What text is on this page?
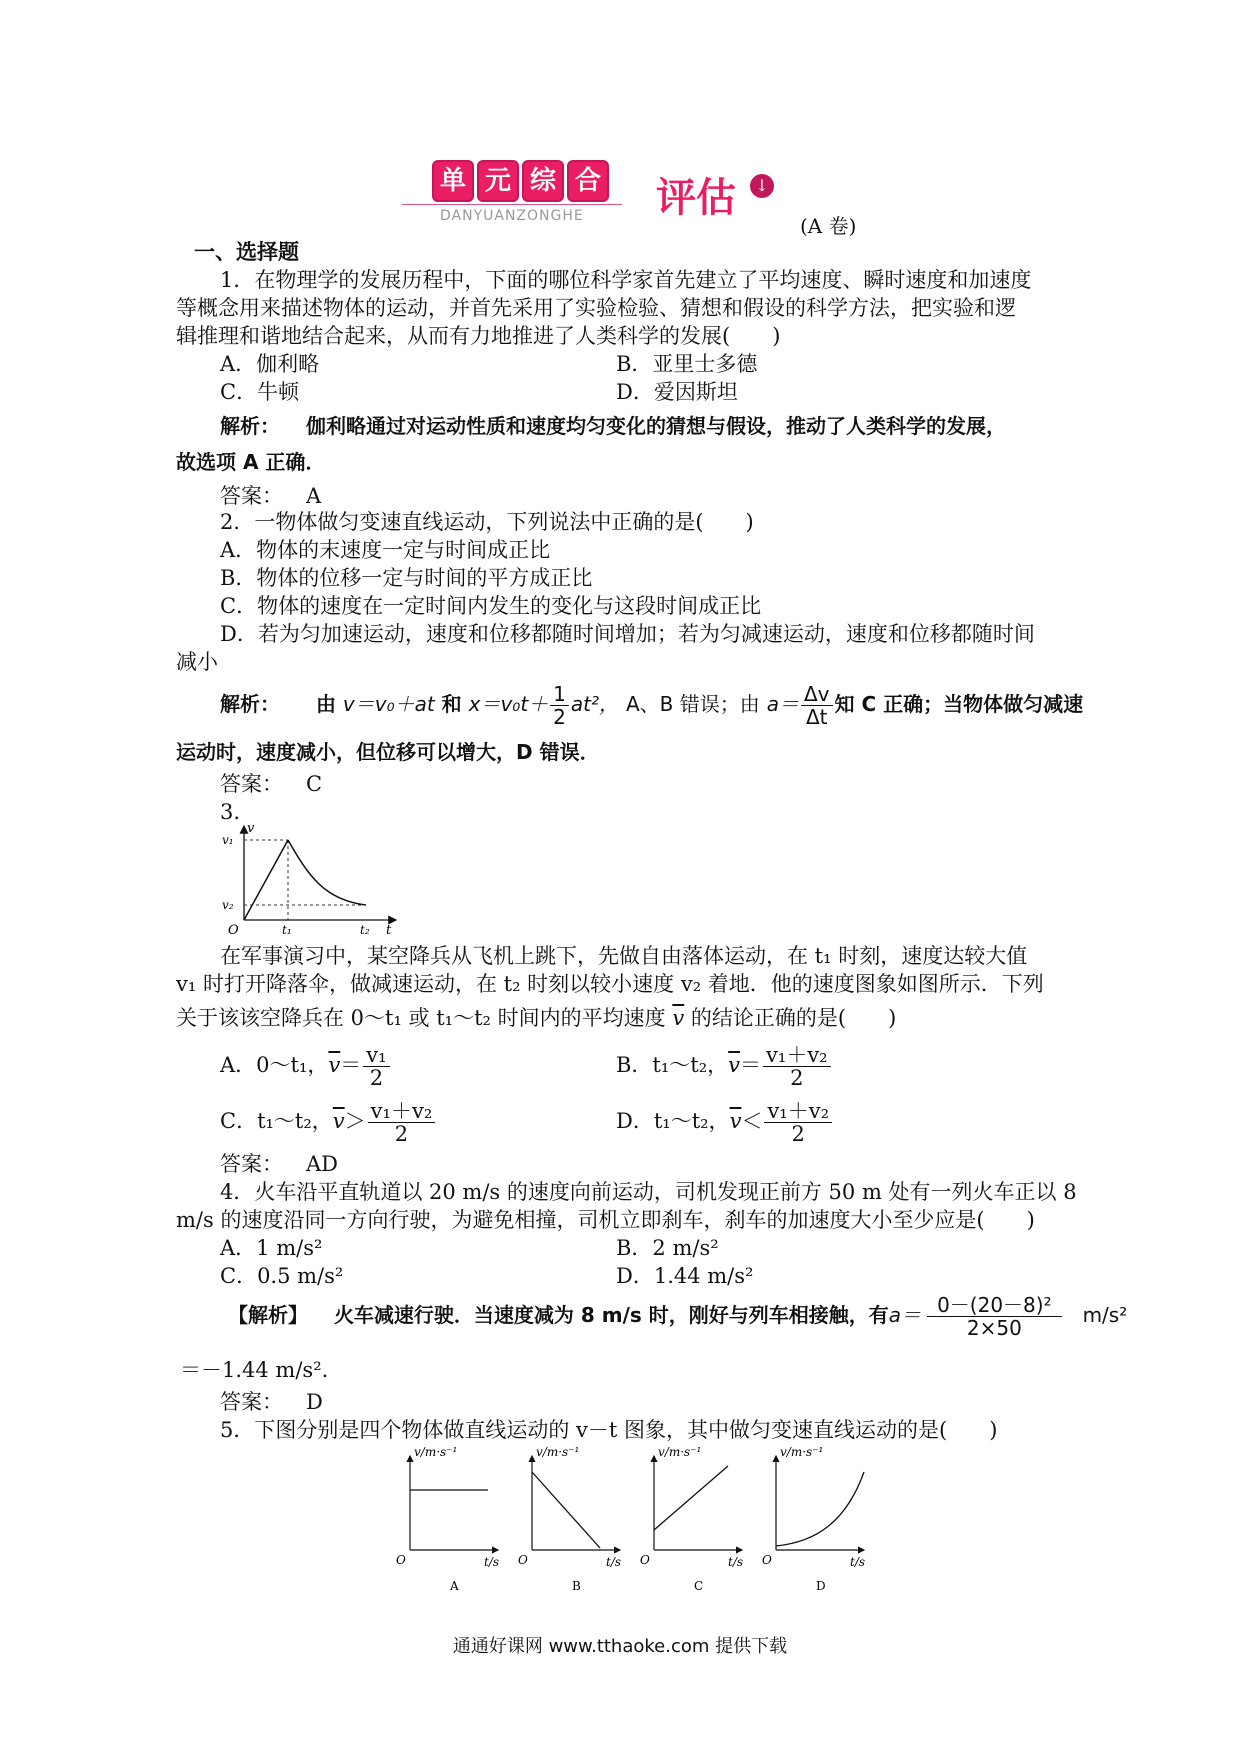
单 元 综 合
DANYUANZONGHE 评估	↓
(A 卷)
一、选择题
1．在物理学的发展历程中，下面的哪位科学家首先建立了平均速度、瞬时速度和加速度
等概念用来描述物体的运动，并首先采用了实验检验、猜想和假设的科学方法，把实验和逻
辑推理和谐地结合起来，从而有力地推进了人类科学的发展(　　)
A．伽利略	B．亚里士多德
C．牛顿	D．爱因斯坦
解析： 伽利略通过对运动性质和速度均匀变化的猜想与假设，推动了人类科学的发展，
故选项 A 正确．
答案： A
2．一物体做匀变速直线运动，下列说法中正确的是(　　)
A．物体的末速度一定与时间成正比
B．物体的位移一定与时间的平方成正比
C．物体的速度在一定时间内发生的变化与这段时间成正比
D．若为匀加速运动，速度和位移都随时间增加；若为匀减速运动，速度和位移都随时间
减小
解析： 由 v＝v₀＋at 和 $x=v_0t+ \frac{1}{2} at^2$， A、B 错误；由 $a= \frac{\Delta v}{\Delta t}$ 知 C 正确；当物体做匀减速
运动时，速度减小，但位移可以增大，D 错误．
答案： C
3.
v
v₁
v₂
O	t₁	t₂ t
在军事演习中，某空降兵从飞机上跳下，先做自由落体运动，在 t₁ 时刻，速度达较大值
v₁ 时打开降落伞，做减速运动，在 t₂ 时刻以较小速度 v₂ 着地．他的速度图象如图所示．下列
关于该该空降兵在 0～t₁ 或 t₁～t₂ 时间内的平均速度 $\overline{v}$ 的结论正确的是(　　)
A．0～t₁，$\overline{v}= \frac{\text{v₁}}{2}$	B．t₁～t₂，$\overline{v}= \frac{\text{v₁＋v₂}}{2}$
C．t₁～t₂，$\overline{v}> \frac{\text{v₁＋v₂}}{2}$	D．t₁～t₂，$\overline{v}< \frac{\text{v₁＋v₂}}{2}$
答案： AD
4．火车沿平直轨道以 20 m/s 的速度向前运动，司机发现正前方 50 m 处有一列火车正以 8
m/s 的速度沿同一方向行驶，为避免相撞，司机立即刹车，刹车的加速度大小至少应是(　　)
A．1 m/s²	B．2 m/s²
C．0.5 m/s²	D．1.44 m/s²
【解析】 火车减速行驶．当速度减为 8 m/s 时，刚好与列车相接触，有$a= \frac{\text{0－(20－8)²}}{2\times 50} m/s^2$
＝－1.44 m/s².
答案： D
5．下图分别是四个物体做直线运动的 v－t 图象，其中做匀变速直线运动的是(　　)
v/m·s⁻¹	v/m·s⁻¹	v/m·s⁻¹	v/m·s⁻¹
t/s	t/s	t/s	t/s
O	O	O	O
A	B	C	D
通通好课网 www.tthaoke.com 提供下载
